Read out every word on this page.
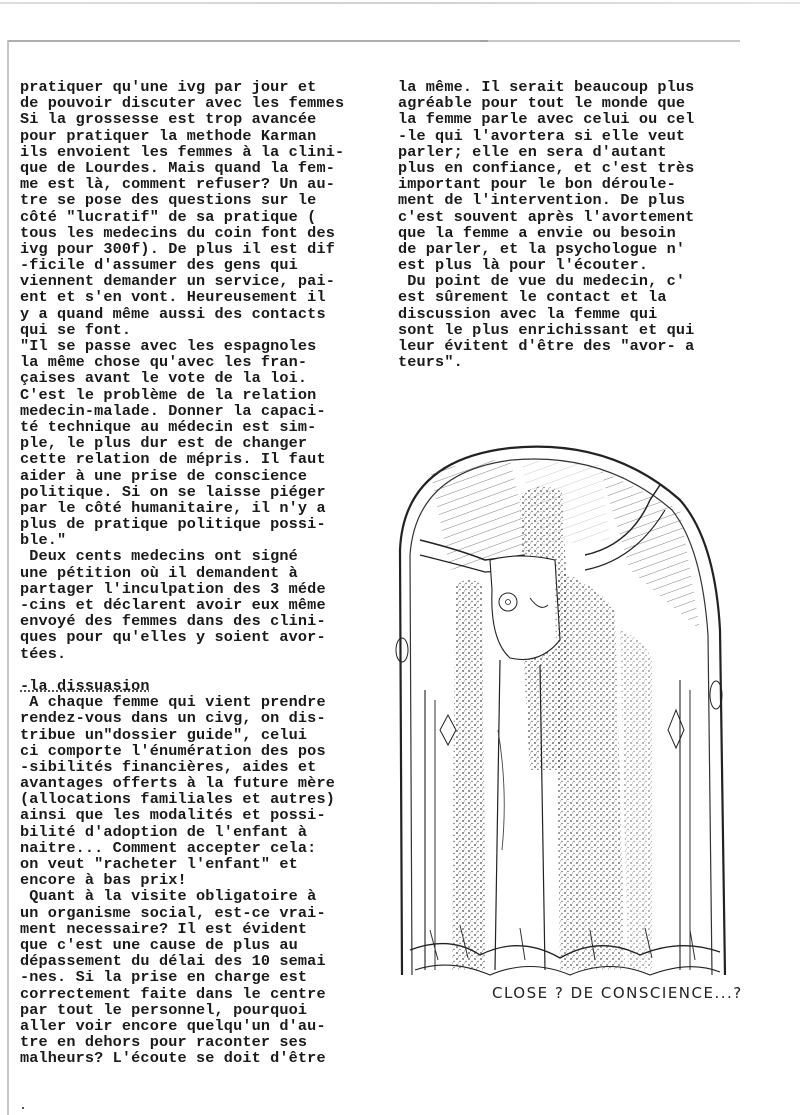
pratiquer qu'une ivg par jour et
de pouvoir discuter avec les femmes
Si la grossesse est trop avancée
pour pratiquer la methode Karman
ils envoient les femmes à la clini-
que de Lourdes. Mais quand la fem-
me est là, comment refuser? Un au-
tre se pose des questions sur le
côté "lucratif" de sa pratique (
tous les medecins du coin font des
ivg pour 300f). De plus il est dif
-ficile d'assumer des gens qui
viennent demander un service, pai-
ent et s'en vont. Heureusement il
y a quand même aussi des contacts
qui se font.
"Il se passe avec les espagnoles
la même chose qu'avec les fran-
çaises avant le vote de la loi.
C'est le problème de la relation
medecin-malade. Donner la capaci-
té technique au médecin est sim-
ple, le plus dur est de changer
cette relation de mépris. Il faut
aider à une prise de conscience
politique. Si on se laisse piéger
par le côté humanitaire, il n'y a
plus de pratique politique possi-
ble."
Deux cents medecins ont signé
une pétition où il demandent à
partager l'inculpation des 3 méde
-cins et déclarent avoir eux même
envoyé des femmes dans des clini-
ques pour qu'elles y soient avor-
tées.
-la dissuasion
A chaque femme qui vient prendre
rendez-vous dans un civg, on dis-
tribue un"dossier guide", celui
ci comporte l'énumération des pos
-sibilités financières, aides et
avantages offerts à la future mère
(allocations familiales et autres)
ainsi que les modalités et possi-
bilité d'adoption de l'enfant à
naitre... Comment accepter cela:
on veut "racheter l'enfant" et
encore à bas prix!
Quant à la visite obligatoire à
un organisme social, est-ce vrai-
ment necessaire? Il est évident
que c'est une cause de plus au
dépassement du délai des 10 semai
-nes. Si la prise en charge est
correctement faite dans le centre
par tout le personnel, pourquoi
aller voir encore quelqu'un d'au-
tre en dehors pour raconter ses
malheurs? L'écoute se doit d'être
la même. Il serait beaucoup plus
agréable pour tout le monde que
la femme parle avec celui ou cel
-le qui l'avortera si elle veut
parler; elle en sera d'autant
plus en confiance, et c'est très
important pour le bon déroule-
ment de l'intervention. De plus
c'est souvent après l'avortement
que la femme a envie ou besoin
de parler, et la psychologue n'
est plus là pour l'écouter.
Du point de vue du medecin, c'
est sûrement le contact et la
discussion avec la femme qui
sont le plus enrichissant et qui
leur évitent d'être des "avor- a
teurs".
CLOSE ? DE CONSCIENCE...?
